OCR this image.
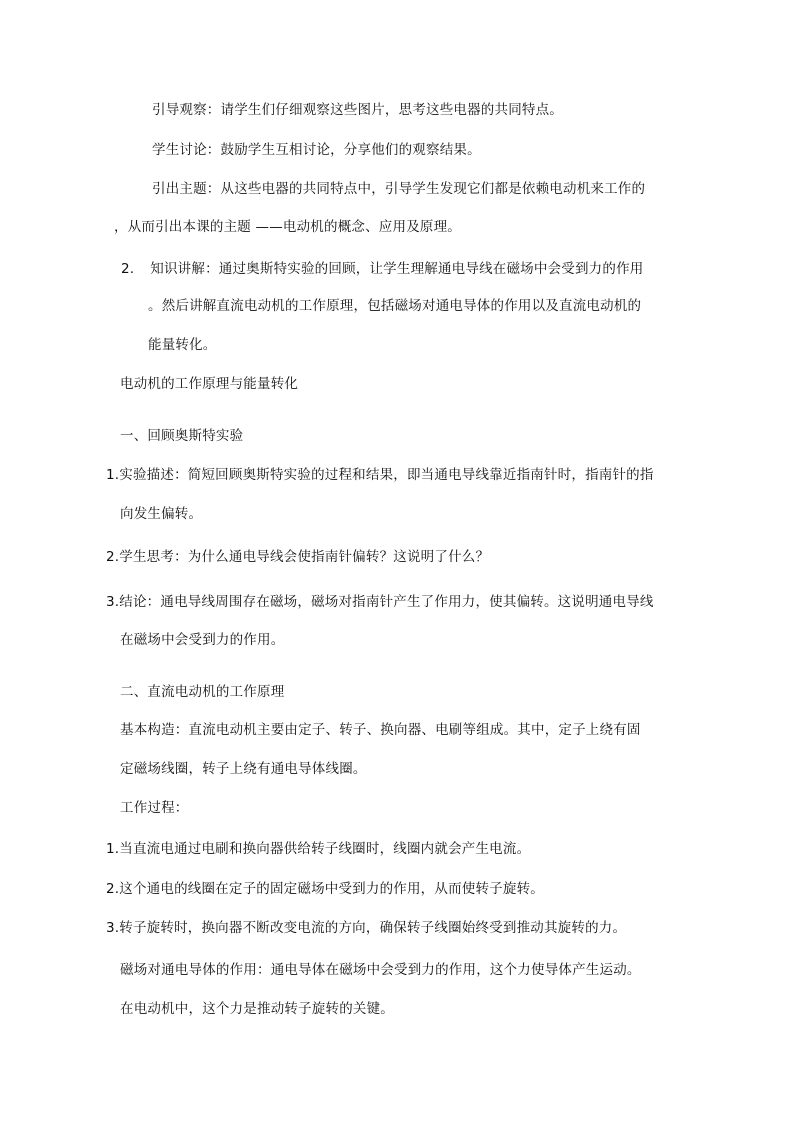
引导观察：请学生们仔细观察这些图片，思考这些电器的共同特点。
学生讨论：鼓励学生互相讨论，分享他们的观察结果。
引出主题：从这些电器的共同特点中，引导学生发现它们都是依赖电动机来工作的
，从而引出本课的主题 ——电动机的概念、应用及原理。
2. 知识讲解：通过奥斯特实验的回顾，让学生理解通电导线在磁场中会受到力的作用
。然后讲解直流电动机的工作原理，包括磁场对通电导体的作用以及直流电动机的
能量转化。
电动机的工作原理与能量转化
一、回顾奥斯特实验
1.实验描述：简短回顾奥斯特实验的过程和结果，即当通电导线靠近指南针时，指南针的指
向发生偏转。
2.学生思考：为什么通电导线会使指南针偏转？这说明了什么？
3.结论：通电导线周围存在磁场，磁场对指南针产生了作用力，使其偏转。这说明通电导线
在磁场中会受到力的作用。
二、直流电动机的工作原理
基本构造：直流电动机主要由定子、转子、换向器、电刷等组成。其中，定子上绕有固
定磁场线圈，转子上绕有通电导体线圈。
工作过程：
1.当直流电通过电刷和换向器供给转子线圈时，线圈内就会产生电流。
2.这个通电的线圈在定子的固定磁场中受到力的作用，从而使转子旋转。
3.转子旋转时，换向器不断改变电流的方向，确保转子线圈始终受到推动其旋转的力。
磁场对通电导体的作用：通电导体在磁场中会受到力的作用，这个力使导体产生运动。
在电动机中，这个力是推动转子旋转的关键。
